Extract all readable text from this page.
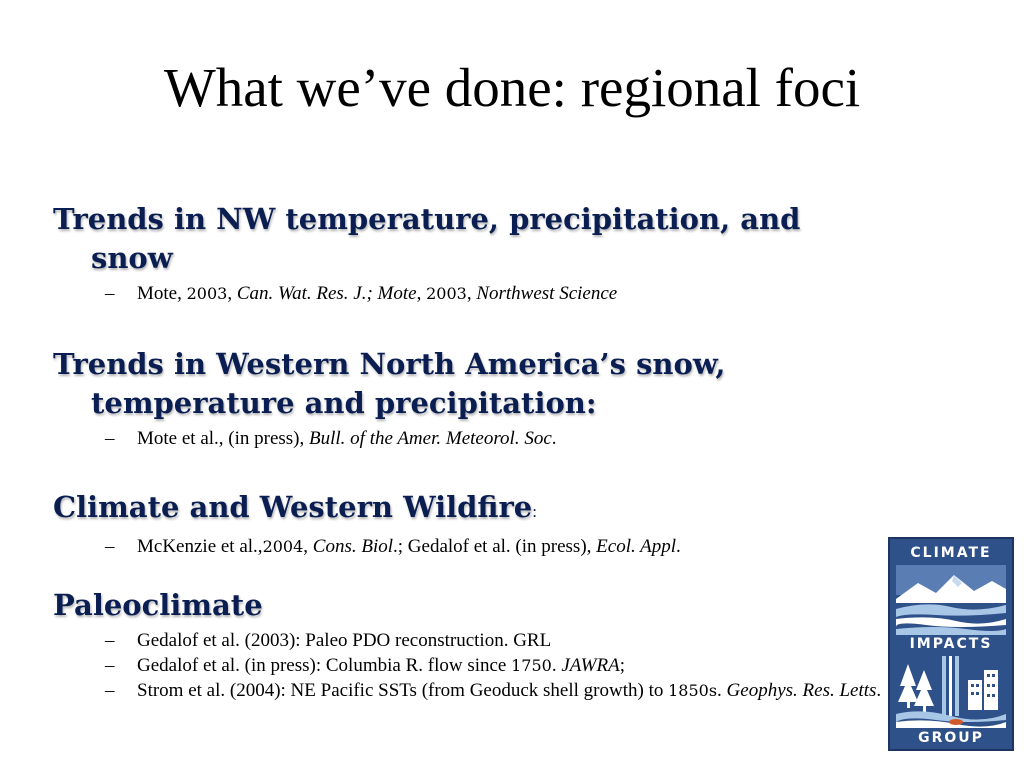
What we’ve done: regional foci

Trends in NW temperature, precipitation, and snow

– Mote, 2003, Can. Wat. Res. J.; Mote, 2003, Northwest Science

Trends in Western North America’s snow, temperature and precipitation:

– Mote et al., (in press), Bull. of the Amer. Meteorol. Soc.

Climate and Western Wildfire:

– McKenzie et al.,2004, Cons. Biol.; Gedalof et al. (in press), Ecol. Appl.

Paleoclimate

– Gedalof et al. (2003): Paleo PDO reconstruction. GRL
– Gedalof et al. (in press): Columbia R. flow since 1750. JAWRA;
– Strom et al. (2004): NE Pacific SSTs (from Geoduck shell growth) to 1850s. Geophys. Res. Letts.
CLIMATE
IMPACTS
GROUP
